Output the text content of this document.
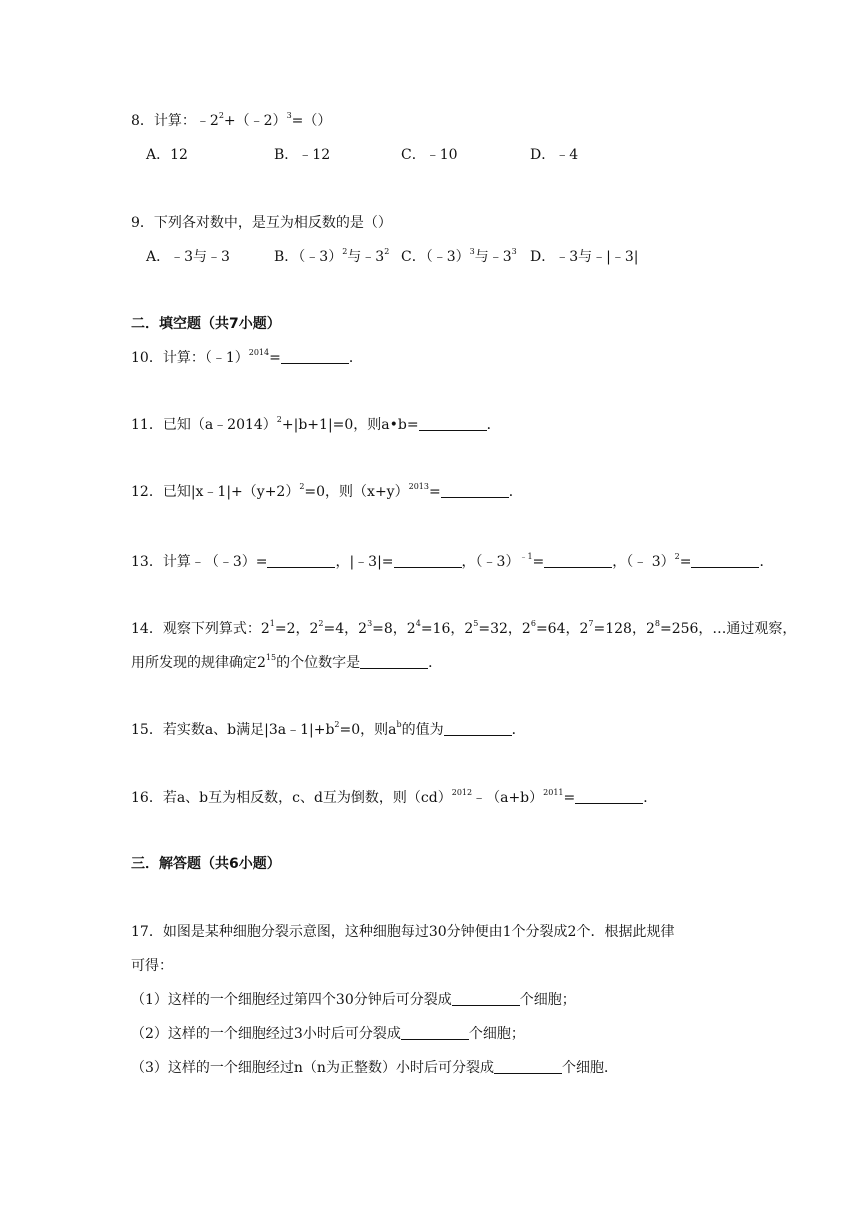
8．计算：$﹣2^2+(﹣2)^3=()$
A．12	B．﹣12	C．﹣10	D．﹣4
9．下列各对数中，是互为相反数的是（）
A．﹣3与﹣3	B．（﹣3）$^2$与$﹣3^2$ C．（﹣3）$^3$与$﹣3^3$ D．﹣3与﹣|﹣3|
二．填空题（共7小题）
10．计算：（﹣1）$^{2014}$=	．
11．已知（a﹣2014）$^2$+|b+1|=0，则a•b=	．
12．已知$|x﹣1|+(y+2)^2=0$，则$(x+y)^{2013}=$	．
13．计算﹣（﹣3）=	，|﹣3|=	，（﹣3）$^{﹣1}$=	，（﹣ 3）$^2$=	．
14．观察下列算式：$2^1=2$，$2^2=4$，$2^3=8$，$2^4=16$，$2^5=32$，$2^6=64$，$2^7=128$，$2^8=256$，…通过观察，
用所发现的规律确定$2^{15}$的个位数字是	．
15．若实数a、b满足$|3a﹣1|+b^2=0$，则$a^b$的值为	．
16．若a、b互为相反数，c、d互为倒数，则$(cd)^{2012}﹣(a+b)^{2011}=$	．
三．解答题（共6小题）
17．如图是某种细胞分裂示意图，这种细胞每过30分钟便由1个分裂成2个．根据此规律
可得：
（1）这样的一个细胞经过第四个30分钟后可分裂成	个细胞；
（2）这样的一个细胞经过3小时后可分裂成	个细胞；
（3）这样的一个细胞经过n（n为正整数）小时后可分裂成	个细胞．
